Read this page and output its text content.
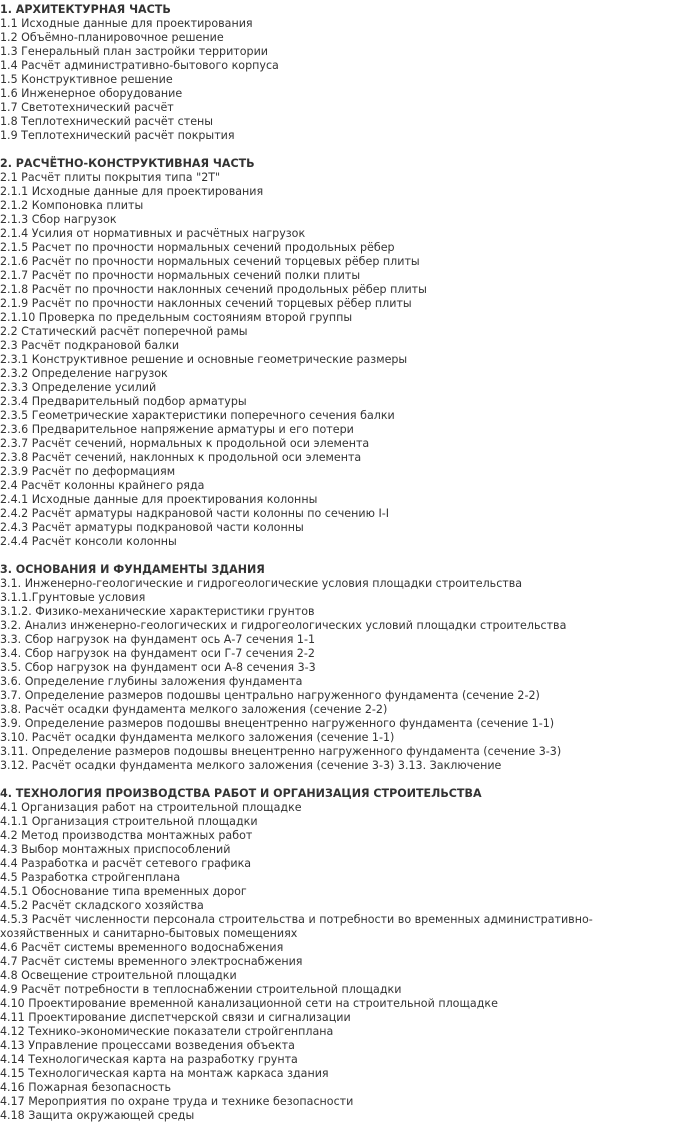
1. АРХИТЕКТУРНАЯ ЧАСТЬ
1.1 Исходные данные для проектирования
1.2 Объёмно-планировочное решение
1.3 Генеральный план застройки территории
1.4 Расчёт административно-бытового корпуса
1.5 Конструктивное решение
1.6 Инженерное оборудование
1.7 Светотехнический расчёт
1.8 Теплотехнический расчёт стены
1.9 Теплотехнический расчёт покрытия
2. РАСЧЁТНО-КОНСТРУКТИВНАЯ ЧАСТЬ
2.1 Расчёт плиты покрытия типа "2Т"
2.1.1 Исходные данные для проектирования
2.1.2 Компоновка плиты
2.1.3 Сбор нагрузок
2.1.4 Усилия от нормативных и расчётных нагрузок
2.1.5 Расчет по прочности нормальных сечений продольных рёбер
2.1.6 Расчёт по прочности нормальных сечений торцевых рёбер плиты
2.1.7 Расчёт по прочности нормальных сечений полки плиты
2.1.8 Расчёт по прочности наклонных сечений продольных рёбер плиты
2.1.9 Расчёт по прочности наклонных сечений торцевых рёбер плиты
2.1.10 Проверка по предельным состояниям второй группы
2.2 Статический расчёт поперечной рамы
2.3 Расчёт подкрановой балки
2.3.1 Конструктивное решение и основные геометрические размеры
2.3.2 Определение нагрузок
2.3.3 Определение усилий
2.3.4 Предварительный подбор арматуры
2.3.5 Геометрические характеристики поперечного сечения балки
2.3.6 Предварительное напряжение арматуры и его потери
2.3.7 Расчёт сечений, нормальных к продольной оси элемента
2.3.8 Расчёт сечений, наклонных к продольной оси элемента
2.3.9 Расчёт по деформациям
2.4 Расчёт колонны крайнего ряда
2.4.1 Исходные данные для проектирования колонны
2.4.2 Расчёт арматуры надкрановой части колонны по сечению I-I
2.4.3 Расчёт арматуры подкрановой части колонны
2.4.4 Расчёт консоли колонны
3. ОСНОВАНИЯ И ФУНДАМЕНТЫ ЗДАНИЯ
3.1. Инженерно-геологические и гидрогеологические условия площадки строительства
3.1.1.Грунтовые условия
3.1.2. Физико-механические характеристики грунтов
3.2. Анализ инженерно-геологических и гидрогеологических условий площадки строительства
3.3. Сбор нагрузок на фундамент ось А-7 сечения 1-1
3.4. Сбор нагрузок на фундамент оси Г-7 сечения 2-2
3.5. Сбор нагрузок на фундамент оси А-8 сечения 3-3
3.6. Определение глубины заложения фундамента
3.7. Определение размеров подошвы центрально нагруженного фундамента (сечение 2-2)
3.8. Расчёт осадки фундамента мелкого заложения (сечение 2-2)
3.9. Определение размеров подошвы внецентренно нагруженного фундамента (сечение 1-1)
3.10. Расчёт осадки фундамента мелкого заложения (сечение 1-1)
3.11. Определение размеров подошвы внецентренно нагруженного фундамента (сечение 3-3)
3.12. Расчёт осадки фундамента мелкого заложения (сечение 3-3) 3.13. Заключение
4. ТЕХНОЛОГИЯ ПРОИЗВОДСТВА РАБОТ И ОРГАНИЗАЦИЯ СТРОИТЕЛЬСТВА
4.1 Организация работ на строительной площадке
4.1.1 Организация строительной площадки
4.2 Метод производства монтажных работ
4.3 Выбор монтажных приспособлений
4.4 Разработка и расчёт сетевого графика
4.5 Разработка стройгенплана
4.5.1 Обоснование типа временных дорог
4.5.2 Расчёт складского хозяйства
4.5.3 Расчёт численности персонала строительства и потребности во временных административно-хозяйственных и санитарно-бытовых помещениях
4.6 Расчёт системы временного водоснабжения
4.7 Расчёт системы временного электроснабжения
4.8 Освещение строительной площадки
4.9 Расчёт потребности в теплоснабжении строительной площадки
4.10 Проектирование временной канализационной сети на строительной площадке
4.11 Проектирование диспетчерской связи и сигнализации
4.12 Технико-экономические показатели стройгенплана
4.13 Управление процессами возведения объекта
4.14 Технологическая карта на разработку грунта
4.15 Технологическая карта на монтаж каркаса здания
4.16 Пожарная безопасность
4.17 Мероприятия по охране труда и технике безопасности
4.18 Защита окружающей среды
